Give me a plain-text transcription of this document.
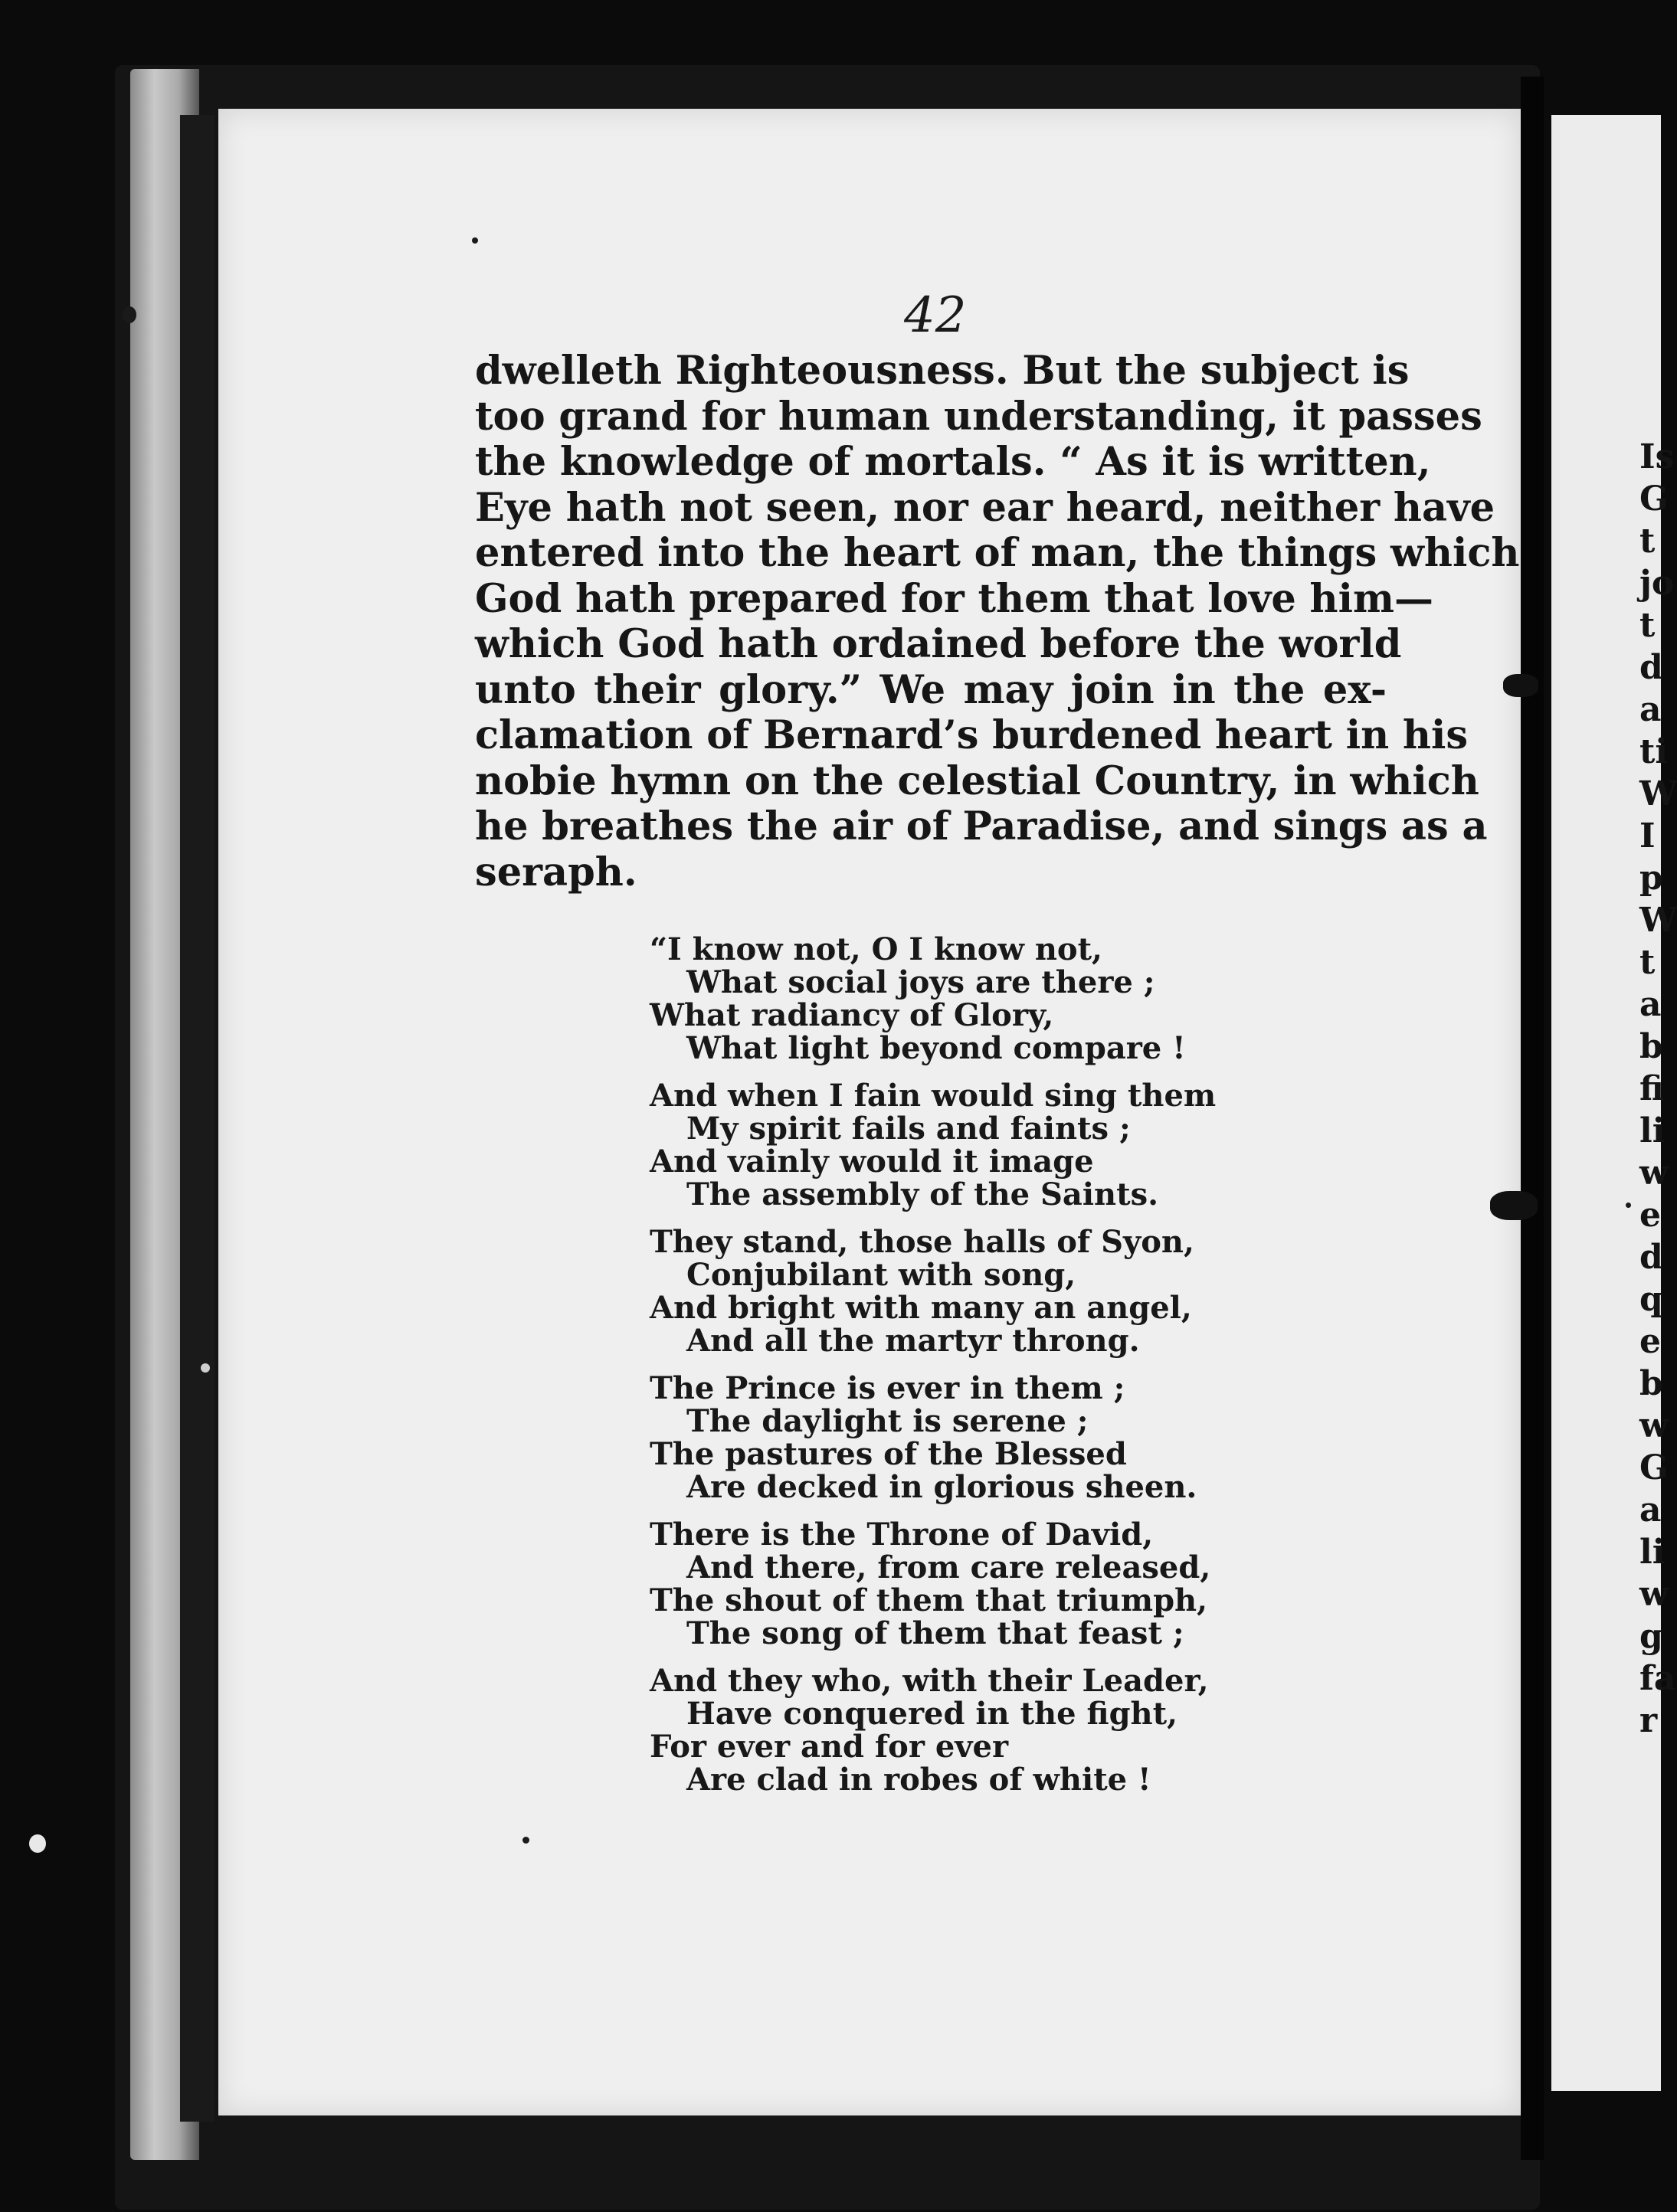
42
dwelleth Righteousness. But the subject is
too grand for human understanding, it passes
the knowledge of mortals. “ As it is written,
Eye hath not seen, nor ear heard, neither have
entered into the heart of man, the things which
God hath prepared for them that love him—
which God hath ordained before the world
unto their glory.” We may join in the ex-
clamation of Bernard’s burdened heart in his
nobie hymn on the celestial Country, in which
he breathes the air of Paradise, and sings as a
seraph.
“I know not, O I know not,
What social joys are there ;
What radiancy of Glory,
What light beyond compare !
And when I fain would sing them
My spirit fails and faints ;
And vainly would it image
The assembly of the Saints.
They stand, those halls of Syon,
Conjubilant with song,
And bright with many an angel,
And all the martyr throng.
The Prince is ever in them ;
The daylight is serene ;
The pastures of the Blessed
Are decked in glorious sheen.
There is the Throne of David,
And there, from care released,
The shout of them that triumph,
The song of them that feast ;
And they who, with their Leader,
Have conquered in the fight,
For ever and for ever
Are clad in robes of white !
Is
G
t
jo
t
d
a
ti
W
I
p
W
t
a
b
fi
li
w
e
d
q
e
b
w
G
a
li
w
g
fa
r
